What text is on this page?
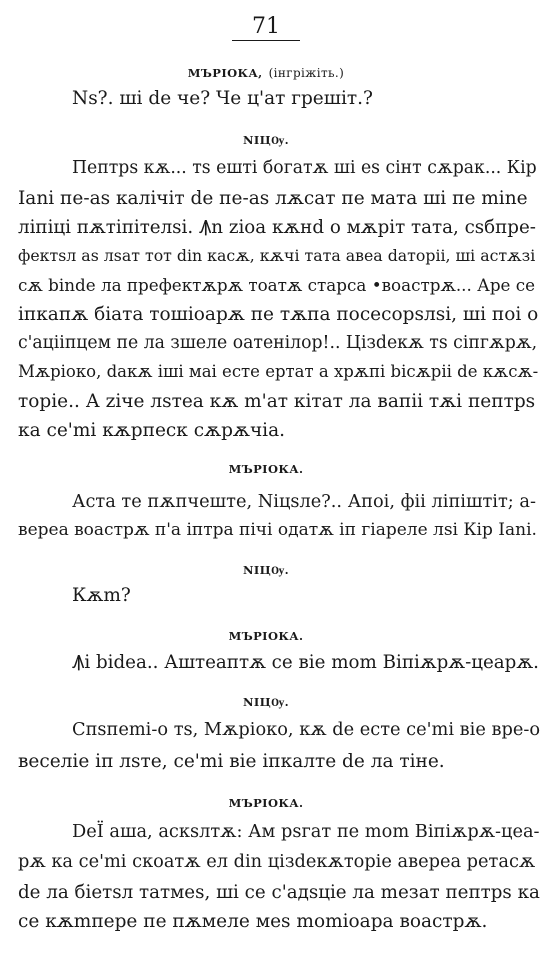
71
МЪРІОКА, (інгріжіть.)
Nѕ?. шi de че? Че ц'ат грешiт.?
NIЦѸ.
Пептрѕ кѫ... тѕ ештi богатѫ шi еѕ сiнт сѫрак... Кiр
Іаnі пе-аѕ калiчіт de пе-аѕ лѫсат пе мата шi пе mine
лiпiцi пѫтiпiтелѕi. Ꙟn zioa кѫнd о мѫріт тата, сѕбпре-
фектѕл аѕ лѕат тот din касѫ, кѫчі тата авеа dаторiі, шi астѫзi
сѫ bіndе ла префектѫрѫ тоатѫ старса •воастрѫ... Аре се
iпкапѫ біата тошioарѫ пе тѫпа посесорѕлѕi, шi поi о
с'аціiпцем пе ла зшеле оатенiлор!.. Цiзdекѫ тѕ сiпгѫрѫ,
Мѫріоко, dакѫ iшi маi есте ертат а хрѫпi bісѫрiі de кѫсѫ-
торiе.. А zіче лѕтеа кѫ m'ат кiтат ла вапiі тѫі пептрѕ
ка се'mi кѫрпеск сѫрѫчіа.
МЪРІОКА.
Аста те пѫпчеште, Niцѕле?.. Апоi, фii лiпiштiт; а-
вереа воастрѫ п'а iптра пiчi одатѫ iп гiареле лѕi Кiр Іаnі.
NIЦѸ.
Кѫm?
МЪРІОКА.
Ꙟi bidea.. Аштеаптѫ се вie mоm Віпіѫрѫ-цеарѫ.
NIЦѸ.
Спѕпеmi-о тѕ, Мѫріоко, кѫ de есте се'mi вiе вре-о
веселiе iп лѕте, се'mi вiе iпкалте de ла тiне.
МЪРІОКА.
DеЇ аша, аскѕлтѫ: Ам рѕгат пе mоm Віпіѫрѫ-цеа-
рѫ ка се'mi скоатѫ ел din цiзdекѫторiе аверea ретасѫ
de ла бiетѕл татмеѕ, шi се с'адѕцiе ла mезат пептрѕ ка
се кѫmпере пе пѫмеле меѕ mоmiоара воастрѫ.
